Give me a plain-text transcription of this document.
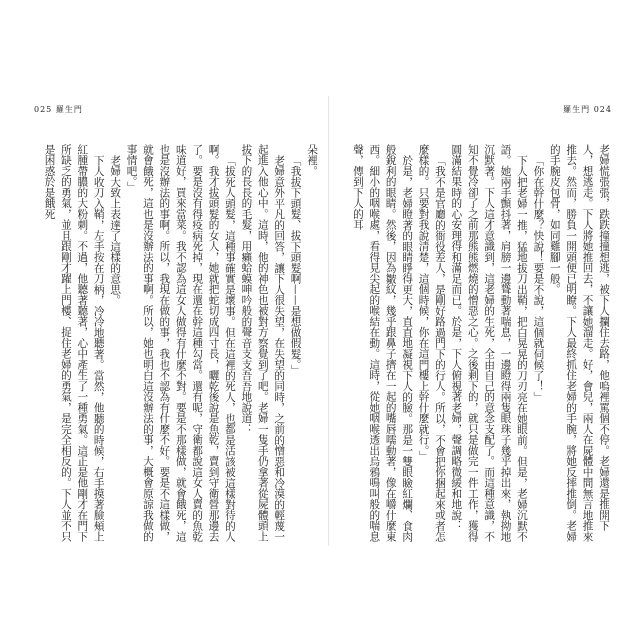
025 羅生門

朵裡。

「我拔下頭髮、拔下頭髮啊——是想做假髮。」

老婦意外平凡的回答，讓下人很失望，在失望的同時，之前的憎惡和冷漠的輕蔑一起進入他心中。這時，他的神色也被對方察覺到了吧。老婦一隻手仍拿著從屍體頭上拔下的長長的毛髮，用癩蛤蟆呻吟般的聲音支支吾吾地說道：

「拔死人頭髮，這種事確實是壞事。但在這裡的死人，也都是活該被這樣對待的人啊。我才拔頭髮的女人，她就把蛇切成四寸長，曬乾後說是魚乾，賣到守衛營那邊去了。要是沒有得疫病死掉，現在還在幹這種勾當。還有呢，守衛都說這女人賣的魚乾味道好，買來當菜。我不認為這女人做得有什麼不對。要是不那樣做，就會餓死，這也是沒辦法的事啊。所以，我現在做的事，我也不認為有什麼不好。要是不這樣做，就會餓死，這也是沒辦法的事啊。所以，她也明白這沒辦法的事，大概會原諒我做的事情吧。」

老婦大致上表達了這樣的意思。

下人收刀入鞘，左手按在刀柄，冷冷地聽著。當然，他聽的時候，右手摸著臉頰上紅腫帶膿的大粉刺。不過，他聽著聽著，心中產生了一種勇氣。這正是他剛才在門下所缺乏的勇氣，並且跟剛才躍上門樓、捉住老婦的勇氣，是完全相反的。下人並不只是困惑於是餓死

羅生門 024

老婦慌張張，跌跌撞撞想逃，被下人攔住去路，他嗚裡罵個不停。老婦還是推開下人，想逃走。下人將她推回去，不讓她溜走。好，會兒，兩人在屍體中間無言地推來推去。然而，勝負一開頭便已明瞭。下人最終抓住老婦的手腕，將她反摔推倒。老婦的手腕皮包骨，如同雞腳一般。

「你在幹什麼？快說！要是不說，這個就伺候了！」

下人把老婦一推，猛地拔刀出鞘，把白晃晃的刀刃亮在她眼前。但是，老婦沉默不語。她兩手顫抖著，肩膀一邊聳動著喘息，一邊瞪得兩隻眼珠子幾乎掉出來，執拗地沉默著。下人這才意識到，這老婦的生死，全由自己的意念支配了。而這種意識，不知不覺冷卻了之前那熊熊燃燒的憎惡之心。之後剩下的，就只是做完一件工作，獲得圓滿結果時的心安理得和滿足而已。於是，下人俯視著老婦，聲調略微緩和地說：

「我不是官廳的衙役差人，是剛好路過門下的行人。所以，不會把你捆起來或者怎麼樣的。只要對我說清楚，這個時候，你在這門樓上幹什麼就行。」

於是，老婦瞪著的眼睛睜得更大，直直地凝視下人的臉。那是一雙眼瞼紅爛、食肉般銳利的眼睛。然後，因為皺紋，幾乎跟鼻子擠在一起的嘴唇嚅動著，像在嚼什麼東西。細小的咽喉處，看得見尖起的喉結在動。這時，從她咽喉透出烏鴉鳴叫般的喘息聲，傳到下人的耳
